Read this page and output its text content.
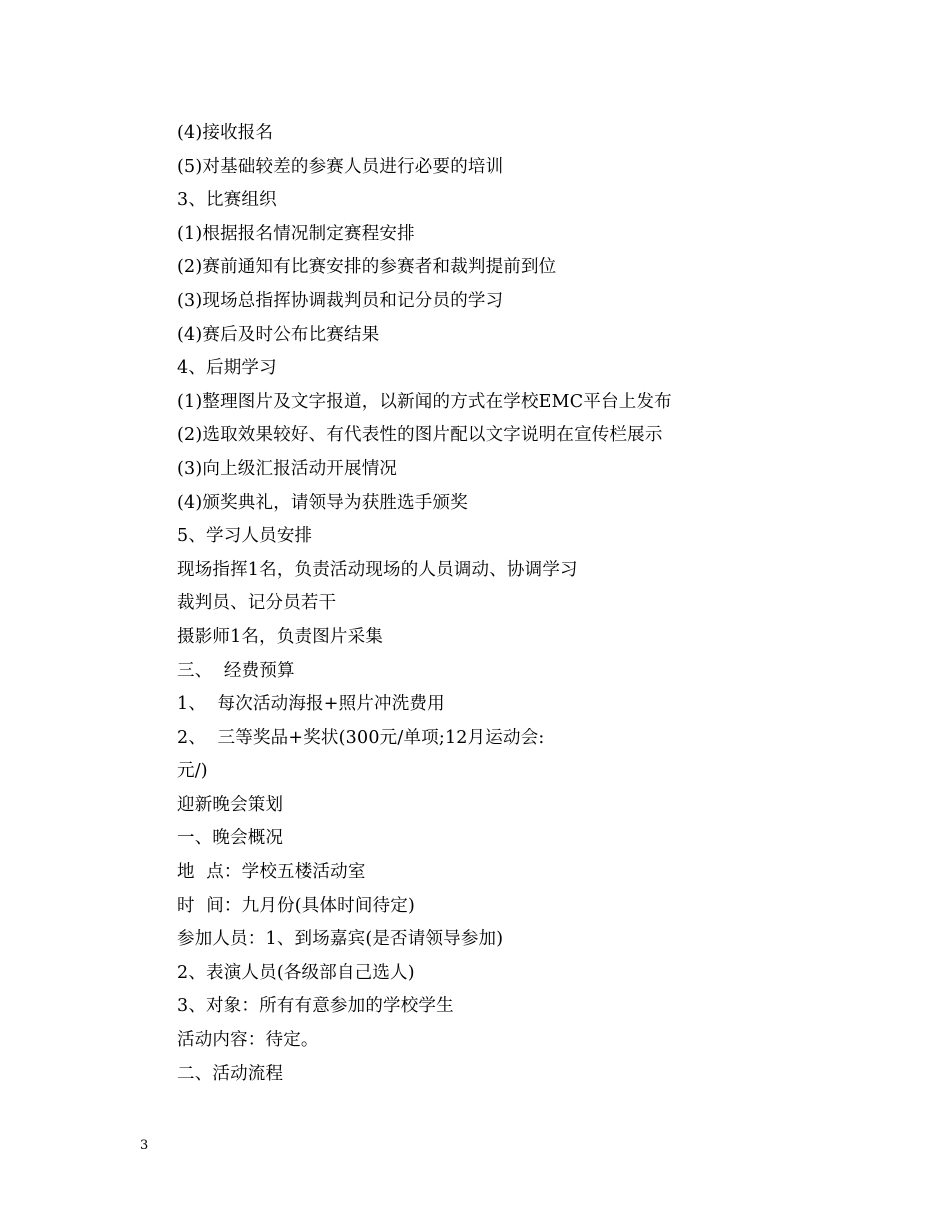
(4)接收报名
(5)对基础较差的参赛人员进行必要的培训
3、比赛组织
(1)根据报名情况制定赛程安排
(2)赛前通知有比赛安排的参赛者和裁判提前到位
(3)现场总指挥协调裁判员和记分员的学习
(4)赛后及时公布比赛结果
4、后期学习
(1)整理图片及文字报道，以新闻的方式在学校EMC平台上发布
(2)选取效果较好、有代表性的图片配以文字说明在宣传栏展示
(3)向上级汇报活动开展情况
(4)颁奖典礼，请领导为获胜选手颁奖
5、学习人员安排
现场指挥1名，负责活动现场的人员调动、协调学习
裁判员、记分员若干
摄影师1名，负责图片采集
三、  经费预算
1、  每次活动海报+照片冲洗费用
2、  三等奖品+奖状(300元/单项;12月运动会:
元/)
迎新晚会策划
一、晚会概况
地  点：学校五楼活动室
时  间：九月份(具体时间待定)
参加人员：1、到场嘉宾(是否请领导参加)
2、表演人员(各级部自己选人)
3、对象：所有有意参加的学校学生
活动内容：待定。
二、活动流程
3
